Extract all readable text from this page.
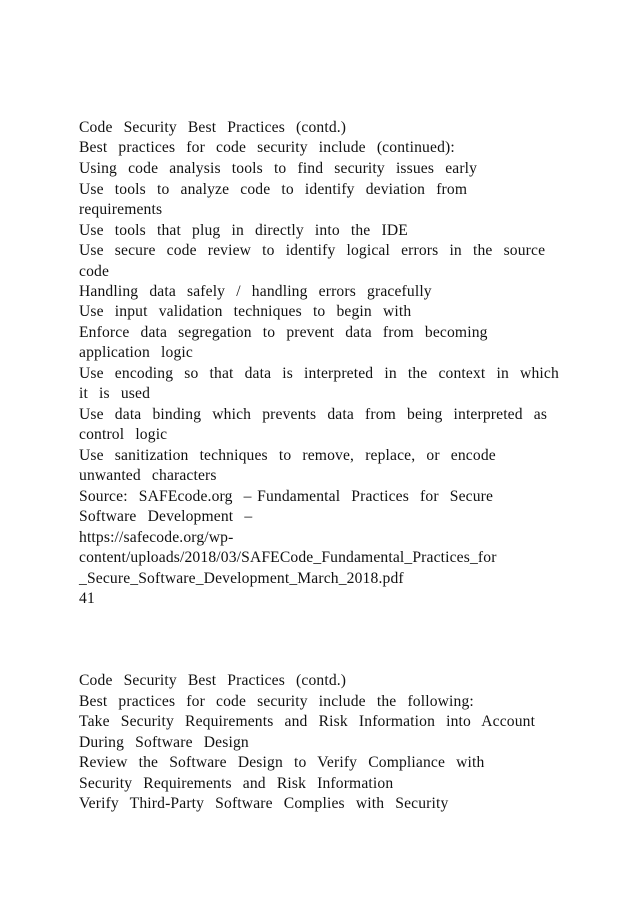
Code  Security  Best  Practices  (contd.)
Best  practices  for  code  security  include  (continued):
Using  code  analysis  tools  to  find  security  issues  early
Use  tools  to  analyze  code  to  identify  deviation  from
requirements
Use  tools  that  plug  in  directly  into  the  IDE
Use  secure  code  review  to  identify  logical  errors  in  the  source
code
Handling  data  safely  /  handling  errors  gracefully
Use  input  validation  techniques  to  begin  with
Enforce  data  segregation  to  prevent  data  from  becoming
application  logic
Use  encoding  so  that  data  is  interpreted  in  the  context  in  which
it  is  used
Use  data  binding  which  prevents  data  from  being  interpreted  as
control  logic
Use  sanitization  techniques  to  remove,  replace,  or  encode
unwanted  characters
Source:  SAFEcode.org  – Fundamental  Practices  for  Secure
Software  Development  –
https://safecode.org/wp-
content/uploads/2018/03/SAFECode_Fundamental_Practices_for
_Secure_Software_Development_March_2018.pdf
41
Code  Security  Best  Practices  (contd.)
Best  practices  for  code  security  include  the  following:
Take  Security  Requirements  and  Risk  Information  into  Account
During  Software  Design
Review  the  Software  Design  to  Verify  Compliance  with
Security  Requirements  and  Risk  Information
Verify  Third-Party  Software  Complies  with  Security
